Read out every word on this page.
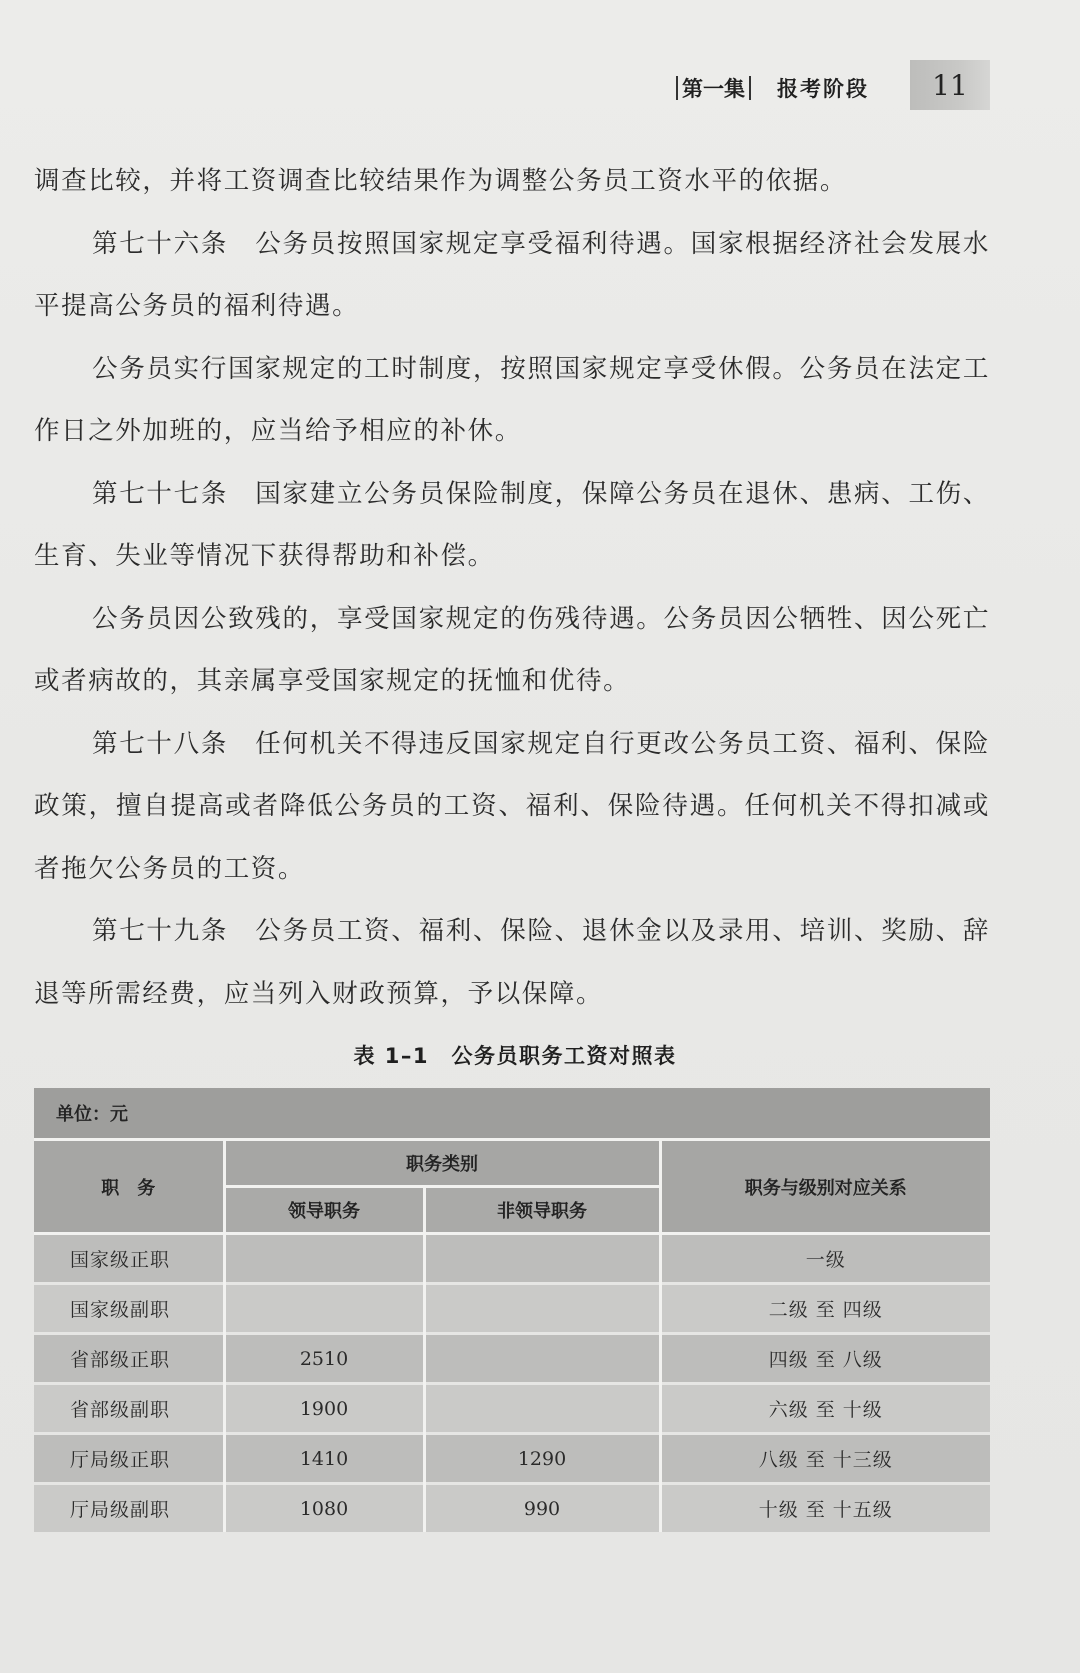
第一集 报考阶段	11

调查比较，并将工资调查比较结果作为调整公务员工资水平的依据。

第七十六条　公务员按照国家规定享受福利待遇。国家根据经济社会发展水平提高公务员的福利待遇。

公务员实行国家规定的工时制度，按照国家规定享受休假。公务员在法定工作日之外加班的，应当给予相应的补休。

第七十七条　国家建立公务员保险制度，保障公务员在退休、患病、工伤、生育、失业等情况下获得帮助和补偿。

公务员因公致残的，享受国家规定的伤残待遇。公务员因公牺牲、因公死亡或者病故的，其亲属享受国家规定的抚恤和优待。

第七十八条　任何机关不得违反国家规定自行更改公务员工资、福利、保险政策，擅自提高或者降低公务员的工资、福利、保险待遇。任何机关不得扣减或者拖欠公务员的工资。

第七十九条　公务员工资、福利、保险、退休金以及录用、培训、奖励、辞退等所需经费，应当列入财政预算，予以保障。

表 1–1　公务员职务工资对照表
单位：元
职　务	职务类别		职务与级别对应关系
	领导职务	非领导职务	
国家级正职			一级
国家级副职			二级 至 四级
省部级正职	2510		四级 至 八级
省部级副职	1900		六级 至 十级
厅局级正职	1410	1290	八级 至 十三级
厅局级副职	1080	990	十级 至 十五级
